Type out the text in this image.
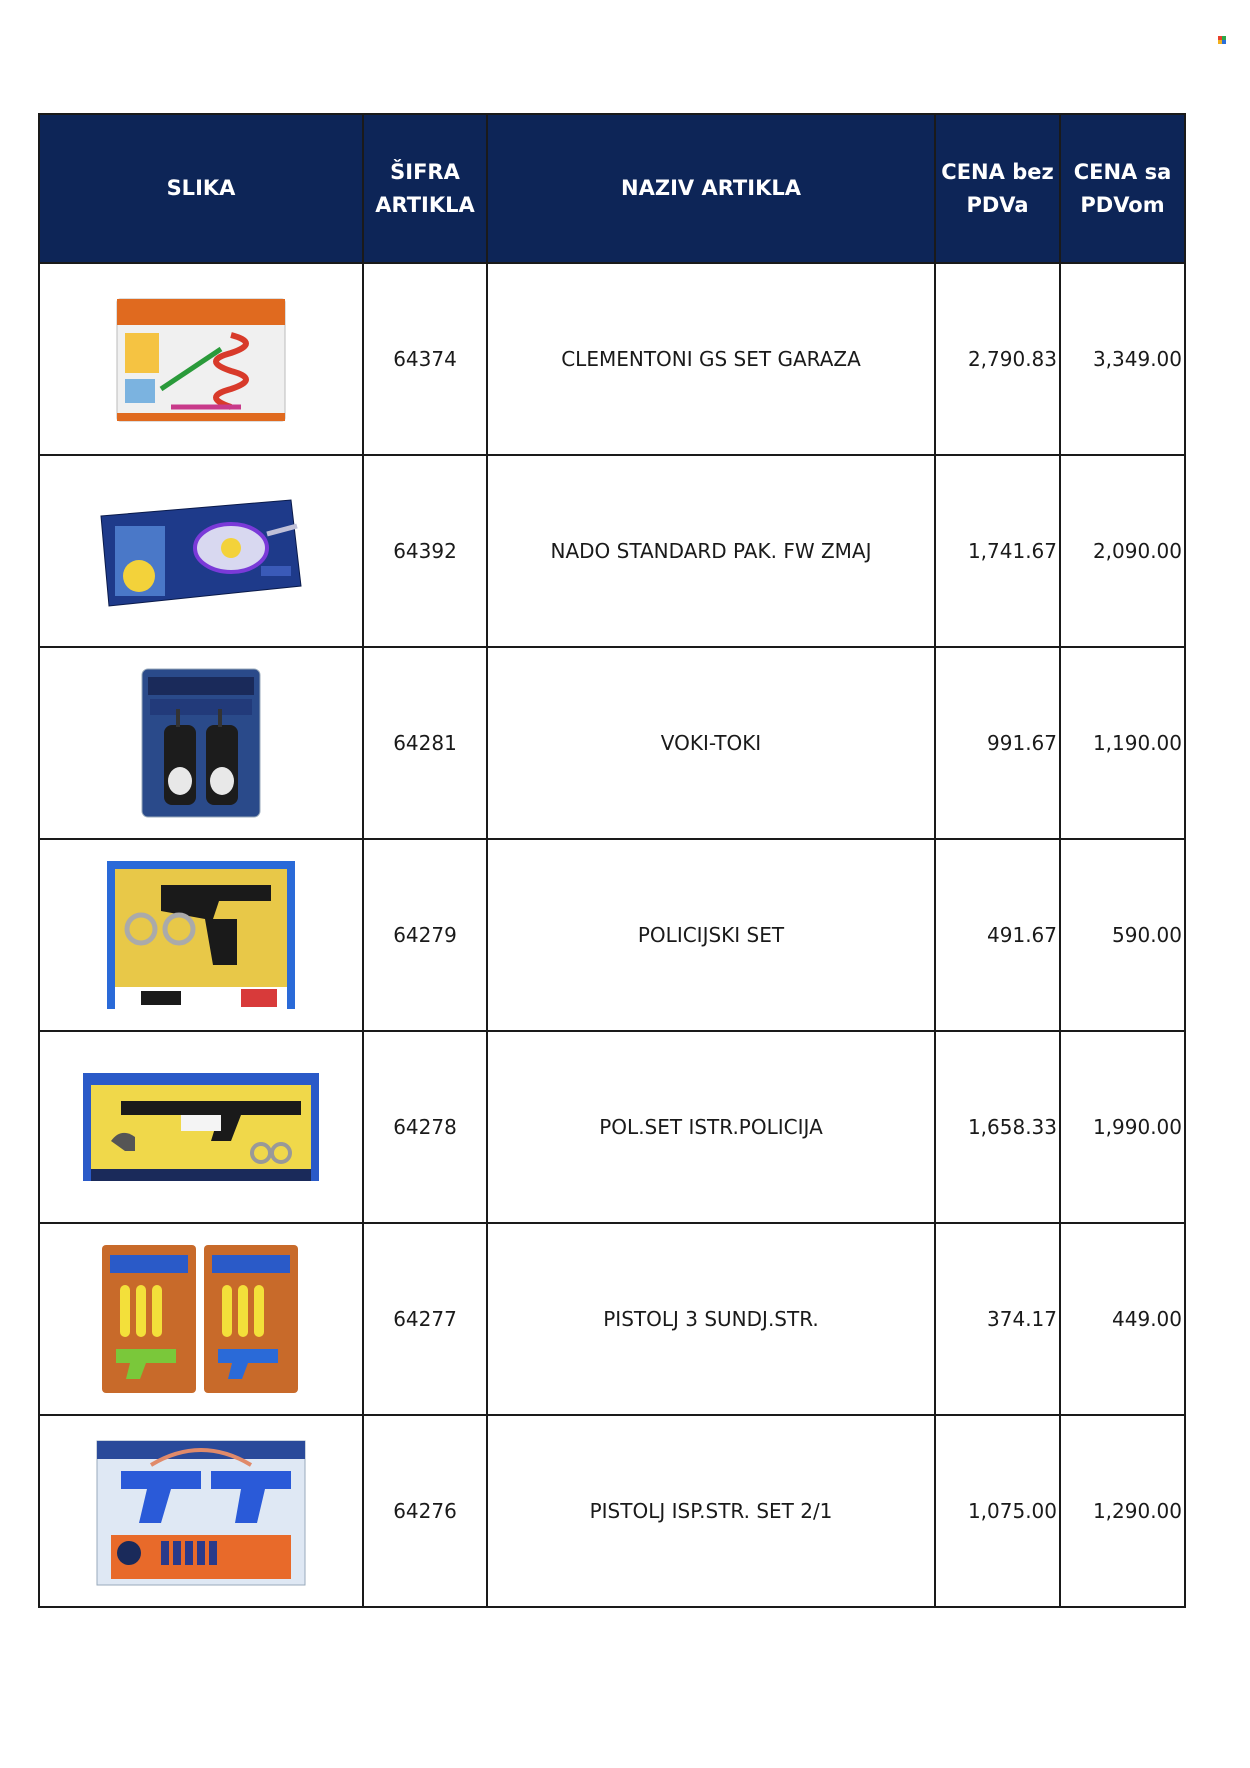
SLIKA	ŠIFRA ARTIKLA	NAZIV ARTIKLA	CENA bez PDVa	CENA sa PDVom

	64374	CLEMENTONI GS SET GARAZA	2,790.83	3,349.00

	64392	NADO STANDARD PAK. FW ZMAJ	1,741.67	2,090.00

	64281	VOKI-TOKI	991.67	1,190.00

	64279	POLICIJSKI SET	491.67	590.00

	64278	POL.SET ISTR.POLICIJA	1,658.33	1,990.00

	64277	PISTOLJ 3 SUNDJ.STR.	374.17	449.00

	64276	PISTOLJ ISP.STR. SET 2/1	1,075.00	1,290.00
